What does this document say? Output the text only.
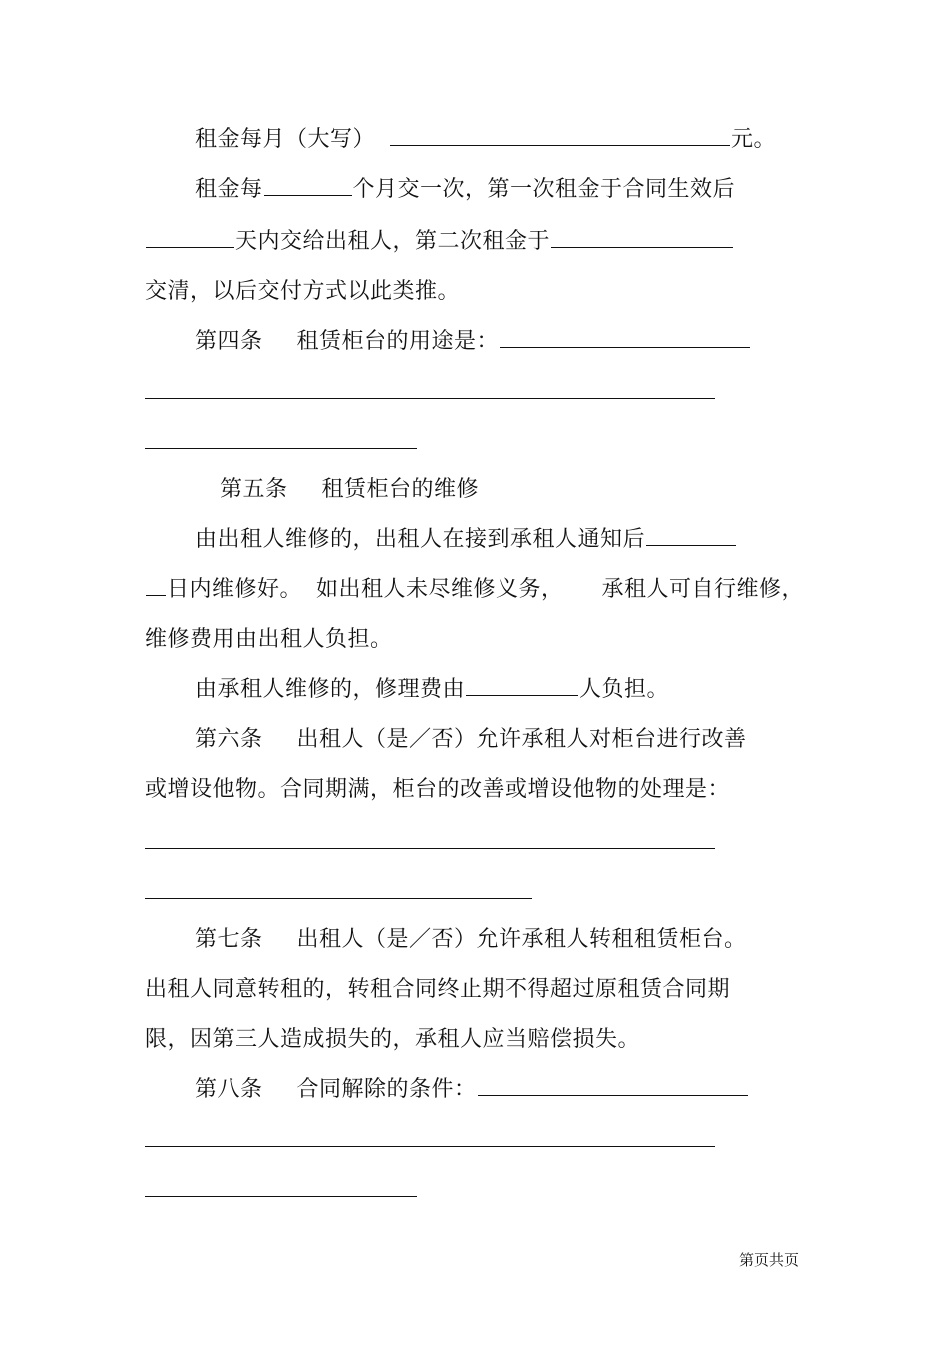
租金每月（大写）	元。
租金每	个月交一次，第一次租金于合同生效后
天内交给出租人，第二次租金于
交清，以后交付方式以此类推。
第四条 租赁柜台的用途是：
第五条 租赁柜台的维修
由出租人维修的，出租人在接到承租人通知后
日内维修好。 如出租人未尽维修义务， 承租人可自行维修，
维修费用由出租人负担。
由承租人维修的，修理费由	人负担。
第六条 出租人（是／否）允许承租人对柜台进行改善
或增设他物。合同期满，柜台的改善或增设他物的处理是：
第七条 出租人（是／否）允许承租人转租租赁柜台。
出租人同意转租的，转租合同终止期不得超过原租赁合同期
限，因第三人造成损失的，承租人应当赔偿损失。
第八条 合同解除的条件：
第页共页
